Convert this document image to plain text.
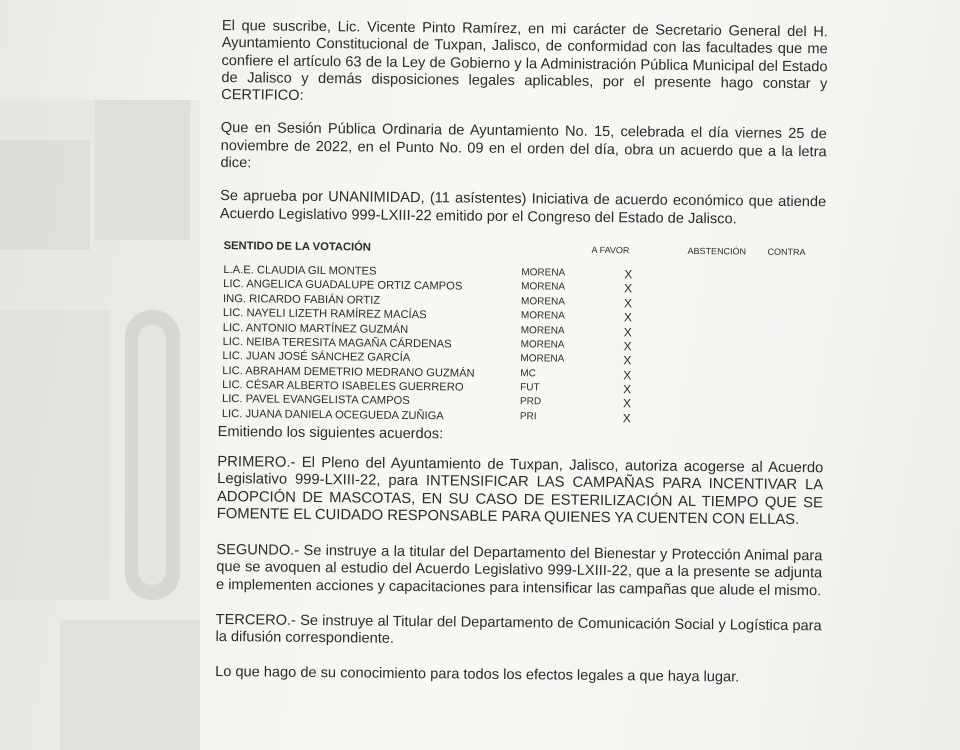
El que suscribe, Lic. Vicente Pinto Ramírez, en mi carácter de Secretario General del H. Ayuntamiento Constitucional de Tuxpan, Jalisco, de conformidad con las facultades que me confiere el artículo 63 de la Ley de Gobierno y la Administración Pública Municipal del Estado de Jalisco y demás disposiciones legales aplicables, por el presente hago constar y CERTIFICO:

Que en Sesión Pública Ordinaria de Ayuntamiento No. 15, celebrada el día viernes 25 de noviembre de 2022, en el Punto No. 09 en el orden del día, obra un acuerdo que a la letra dice:

Se aprueba por UNANIMIDAD, (11 asístentes) Iniciativa de acuerdo económico que atiende Acuerdo Legislativo 999-LXIII-22 emitido por el Congreso del Estado de Jalisco.

SENTIDO DE LA VOTACIÓN	A FAVOR	ABSTENCIÓN CONTRA
L.A.E. CLAUDIA GIL MONTES	MORENA	X
LIC. ANGELICA GUADALUPE ORTIZ CAMPOS	MORENA	X
ING. RICARDO FABIÁN ORTIZ	MORENA	X
LIC. NAYELI LIZETH RAMÍREZ MACÍAS	MORENA	X
LIC. ANTONIO MARTÍNEZ GUZMÁN	MORENA	X
LIC. NEIBA TERESITA MAGAÑA CÁRDENAS	MORENA	X
LIC. JUAN JOSÉ SÁNCHEZ GARCÍA	MORENA	X
LIC. ABRAHAM DEMETRIO MEDRANO GUZMÁN	MC	X
LIC. CÉSAR ALBERTO ISABELES GUERRERO	FUT	X
LIC. PAVEL EVANGELISTA CAMPOS	PRD	X
LIC. JUANA DANIELA OCEGUEDA ZUÑIGA	PRI	X

Emitiendo los siguientes acuerdos:

PRIMERO.- El Pleno del Ayuntamiento de Tuxpan, Jalisco, autoriza acogerse al Acuerdo Legislativo 999-LXIII-22, para INTENSIFICAR LAS CAMPAÑAS PARA INCENTIVAR LA ADOPCIÓN DE MASCOTAS, EN SU CASO DE ESTERILIZACIÓN AL TIEMPO QUE SE FOMENTE EL CUIDADO RESPONSABLE PARA QUIENES YA CUENTEN CON ELLAS.

SEGUNDO.- Se instruye a la titular del Departamento del Bienestar y Protección Animal para que se avoquen al estudio del Acuerdo Legislativo 999-LXIII-22, que a la presente se adjunta e implementen acciones y capacitaciones para intensificar las campañas que alude el mismo.

TERCERO.- Se instruye al Titular del Departamento de Comunicación Social y Logística para la difusión correspondiente.

Lo que hago de su conocimiento para todos los efectos legales a que haya lugar.
